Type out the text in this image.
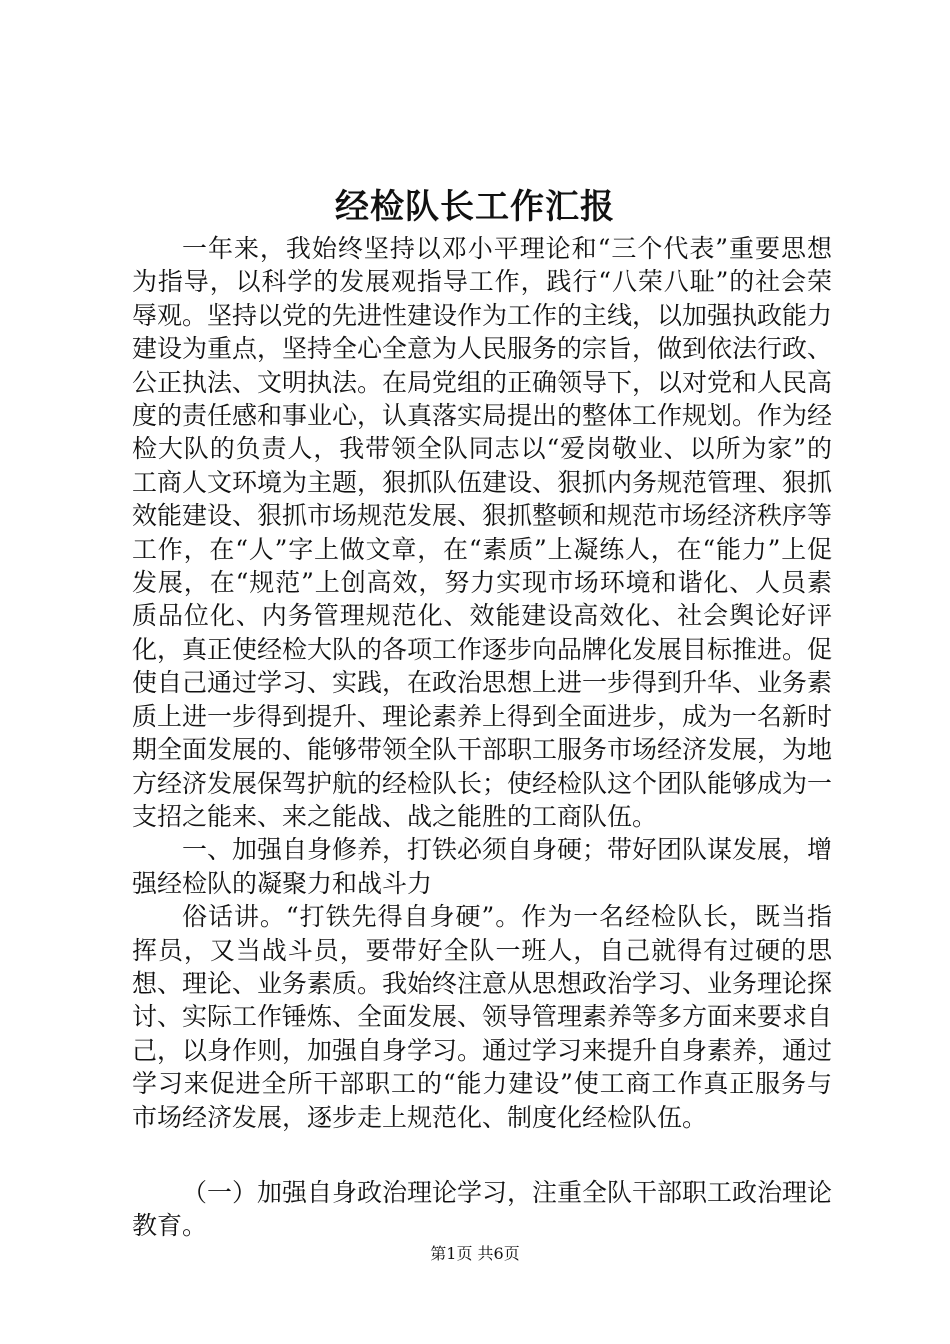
经检队长工作汇报

一年来，我始终坚持以邓小平理论和“三个代表”重要思想为指导，以科学的发展观指导工作，践行“八荣八耻”的社会荣辱观。坚持以党的先进性建设作为工作的主线，以加强执政能力建设为重点，坚持全心全意为人民服务的宗旨，做到依法行政、公正执法、文明执法。在局党组的正确领导下，以对党和人民高度的责任感和事业心，认真落实局提出的整体工作规划。作为经检大队的负责人，我带领全队同志以“爱岗敬业、以所为家”的工商人文环境为主题，狠抓队伍建设、狠抓内务规范管理、狠抓效能建设、狠抓市场规范发展、狠抓整顿和规范市场经济秩序等工作，在“人”字上做文章，在“素质”上凝练人，在“能力”上促发展，在“规范”上创高效，努力实现市场环境和谐化、人员素质品位化、内务管理规范化、效能建设高效化、社会舆论好评化，真正使经检大队的各项工作逐步向品牌化发展目标推进。促使自己通过学习、实践，在政治思想上进一步得到升华、业务素质上进一步得到提升、理论素养上得到全面进步，成为一名新时期全面发展的、能够带领全队干部职工服务市场经济发展，为地方经济发展保驾护航的经检队长；使经检队这个团队能够成为一支招之能来、来之能战、战之能胜的工商队伍。

一、加强自身修养，打铁必须自身硬；带好团队谋发展，增强经检队的凝聚力和战斗力

俗话讲。“打铁先得自身硬”。作为一名经检队长，既当指挥员，又当战斗员，要带好全队一班人，自己就得有过硬的思想、理论、业务素质。我始终注意从思想政治学习、业务理论探讨、实际工作锤炼、全面发展、领导管理素养等多方面来要求自己，以身作则，加强自身学习。通过学习来提升自身素养，通过学习来促进全所干部职工的“能力建设”使工商工作真正服务与市场经济发展，逐步走上规范化、制度化经检队伍。

（一）加强自身政治理论学习，注重全队干部职工政治理论教育。

第1页 共6页
